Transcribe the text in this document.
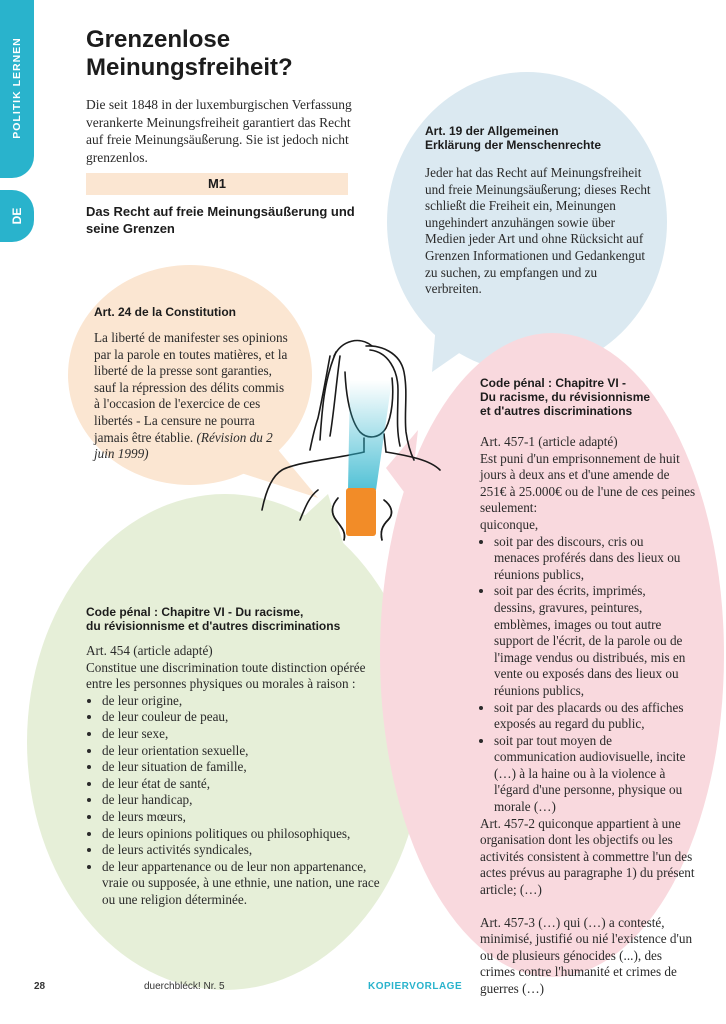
POLITIK LERNEN
DE
Grenzenlose
Meinungsfreiheit?
Die seit 1848 in der luxemburgischen Verfassung verankerte Meinungsfreiheit garantiert das Recht auf freie Meinungsäußerung. Sie ist jedoch nicht grenzenlos.
M1
Das Recht auf freie Meinungsäußerung und seine Grenzen
Art. 19 der Allgemeinen
Erklärung der Menschenrechte
Jeder hat das Recht auf Meinungsfreiheit und freie Meinungsäußerung; dieses Recht schließt die Freiheit ein, Meinungen ungehindert anzuhängen sowie über Medien jeder Art und ohne Rücksicht auf Grenzen Informationen und Gedankengut zu suchen, zu empfangen und zu verbreiten.
Art. 24 de la Constitution
La liberté de manifester ses opinions par la parole en toutes matières, et la liberté de la presse sont garanties, sauf la répression des délits commis à l'occasion de l'exercice de ces libertés - La censure ne pourra jamais être établie. (Révision du 2 juin 1999)
Code pénal : Chapitre VI -
Du racisme, du révisionnisme
et d'autres discriminations
Art. 457-1 (article adapté)
Est puni d'un emprisonnement de huit jours à deux ans et d'une amende de 251€ à 25.000€ ou de l'une de ces peines seulement:
quiconque,
• soit par des discours, cris ou menaces proférés dans des lieux ou réunions publics,
• soit par des écrits, imprimés, dessins, gravures, peintures, emblèmes, images ou tout autre support de l'écrit, de la parole ou de l'image vendus ou distribués, mis en vente ou exposés dans des lieux ou réunions publics,
• soit par des placards ou des affiches exposés au regard du public,
• soit par tout moyen de communication audiovisuelle, incite (…) à la haine ou à la violence à l'égard d'une personne, physique ou morale (…)
Art. 457-2 quiconque appartient à une organisation dont les objectifs ou les activités consistent à commettre l'un des actes prévus au paragraphe 1) du présent article; (…)
Art. 457-3 (…) qui (…) a contesté, minimisé, justifié ou nié l'existence d'un ou de plusieurs génocides (...), des crimes contre l'humanité et crimes de guerres (…)
Code pénal : Chapitre VI - Du racisme,
du révisionnisme et d'autres discriminations
Art. 454 (article adapté)
Constitue une discrimination toute distinction opérée entre les personnes physiques ou morales à raison :
• de leur origine,
• de leur couleur de peau,
• de leur sexe,
• de leur orientation sexuelle,
• de leur situation de famille,
• de leur état de santé,
• de leur handicap,
• de leurs mœurs,
• de leurs opinions politiques ou philosophiques,
• de leurs activités syndicales,
• de leur appartenance ou de leur non appartenance, vraie ou supposée, à une ethnie, une nation, une race ou une religion déterminée.
28	duerchbléck! Nr. 5	KOPIERVORLAGE
